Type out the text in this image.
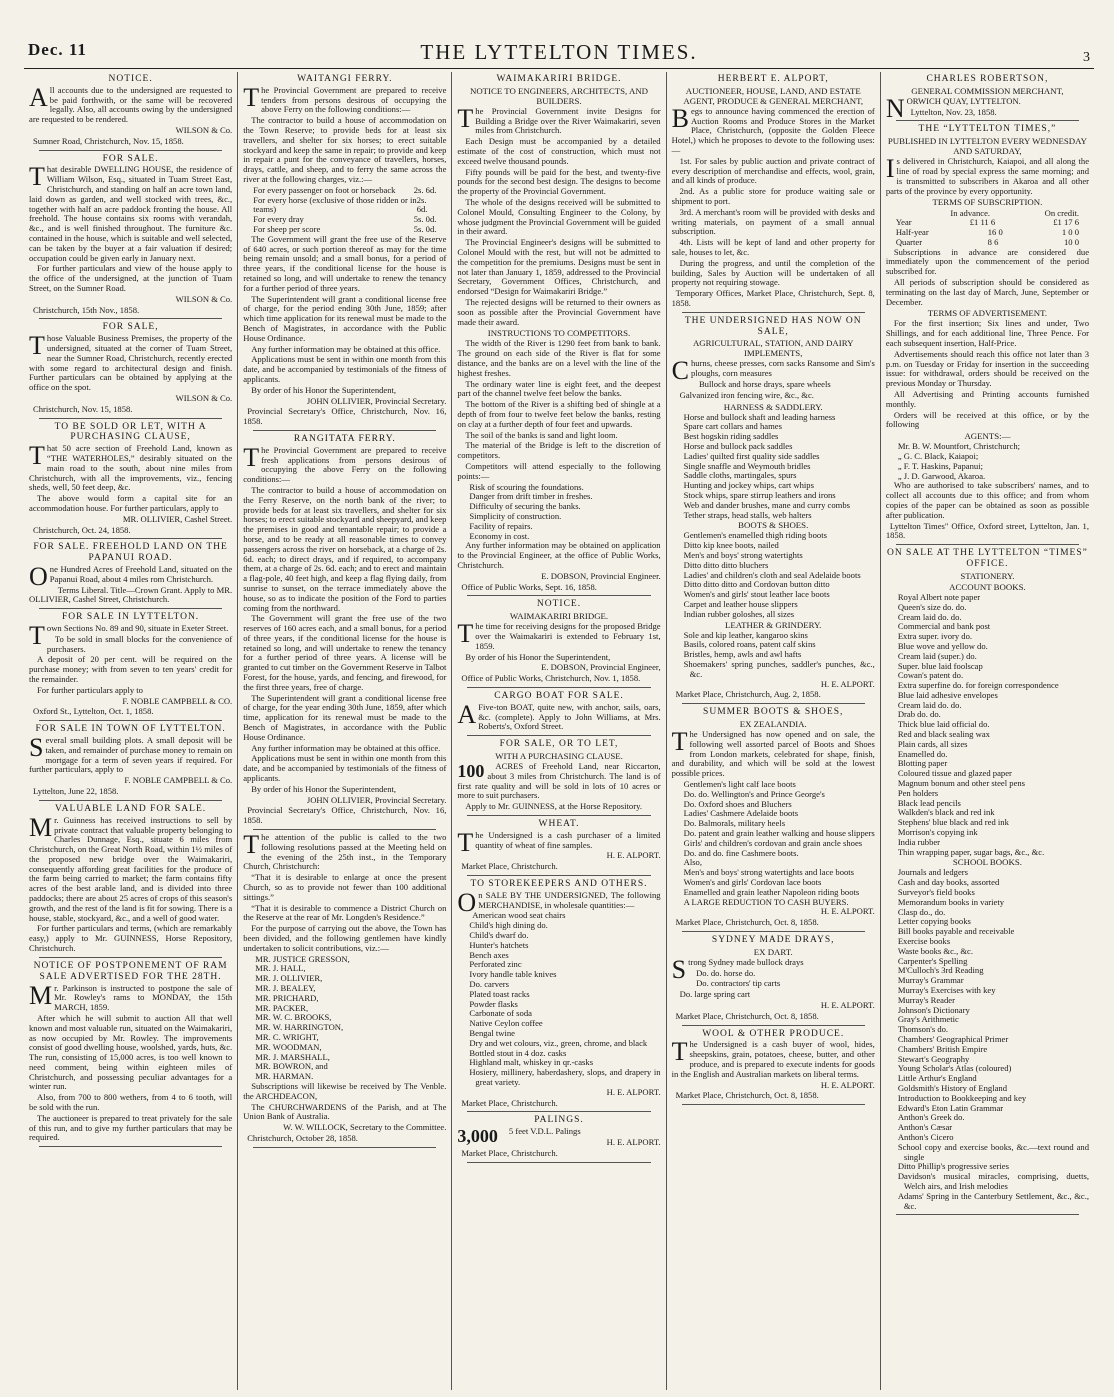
Dec. 11	THE LYTTELTON TIMES.	3
NOTICE.

All accounts due to the undersigned are requested to be paid forthwith, or the same will be recovered legally. Also, all accounts owing by the undersigned are requested to be rendered.

WILSON & Co.

Sumner Road, Christchurch, Nov. 15, 1858.

FOR SALE.

That desirable DWELLING HOUSE, the residence of William Wilson, Esq., situated in Tuam Street East, Christchurch, and standing on half an acre town land, laid down as garden, and well stocked with trees, &c., together with half an acre paddock fronting the house. All freehold. The house contains six rooms with verandah, &c., and is well finished throughout. The furniture &c. contained in the house, which is suitable and well selected, can be taken by the buyer at a fair valuation if desired; occupation could be given early in January next.

For further particulars and view of the house apply to the office of the undersigned, at the junction of Tuam Street, on the Sumner Road.

WILSON & Co.

Christchurch, 15th Nov., 1858.

FOR SALE,

Those Valuable Business Premises, the property of the undersigned, situated at the corner of Tuam Street, near the Sumner Road, Christchurch, recently erected with some regard to architectural design and finish. Further particulars can be obtained by applying at the office on the spot.

WILSON & Co.

Christchurch, Nov. 15, 1858.

TO BE SOLD OR LET, WITH A PURCHASING CLAUSE,

That 50 acre section of Freehold Land, known as “THE WATERHOLES,” desirably situated on the main road to the south, about nine miles from Christchurch, with all the improvements, viz., fencing sheds, well, 50 feet deep, &c.

The above would form a capital site for an accommodation house. For further particulars, apply to

MR. OLLIVIER, Cashel Street.

Christchurch, Oct. 24, 1858.

FOR SALE. FREEHOLD LAND ON THE PAPANUI ROAD.

One Hundred Acres of Freehold Land, situated on the Papanui Road, about 4 miles rom Christchurch.

Terms Liberal. Title—Crown Grant. Apply to MR. OLLIVIER, Cashel Street, Christchurch.

FOR SALE IN LYTTELTON.

Town Sections No. 89 and 90, situate in Exeter Street.

To be sold in small blocks for the convenience of purchasers.

A deposit of 20 per cent. will be required on the purchase money; with from seven to ten years' credit for the remainder.

For further particulars apply to

F. NOBLE CAMPBELL & CO.

Oxford St., Lyttelton, Oct. 1, 1858.

FOR SALE IN TOWN OF LYTTELTON.

Several small building plots. A small deposit will be taken, and remainder of purchase money to remain on mortgage for a term of seven years if required. For further particulars, apply to

F. NOBLE CAMPBELL & Co.

Lyttelton, June 22, 1858.

VALUABLE LAND FOR SALE.

Mr. Guinness has received instructions to sell by private contract that valuable property belonging to Charles Dunnage, Esq., situate 6 miles from Christchurch, on the Great North Road, within 1½ miles of the proposed new bridge over the Waimakariri, consequently affording great facilities for the produce of the farm being carried to market; the farm contains fifty acres of the best arable land, and is divided into three paddocks; there are about 25 acres of crops of this season's growth, and the rest of the land is fit for sowing. There is a house, stable, stockyard, &c., and a well of good water.

For further particulars and terms, (which are remarkably easy,) apply to Mr. GUINNESS, Horse Repository, Christchurch.

NOTICE OF POSTPONEMENT OF RAM SALE ADVERTISED FOR THE 28TH.

Mr. Parkinson is instructed to postpone the sale of Mr. Rowley's rams to MONDAY, the 15th MARCH, 1859.

After which he will submit to auction All that well known and most valuable run, situated on the Waimakariri, as now occupied by Mr. Rowley. The improvements consist of good dwelling house, woolshed, yards, huts, &c. The run, consisting of 15,000 acres, is too well known to need comment, being within eighteen miles of Christchurch, and possessing peculiar advantages for a winter run.

Also, from 700 to 800 wethers, from 4 to 6 tooth, will be sold with the run.

The auctioneer is prepared to treat privately for the sale of this run, and to give my further particulars that may be required.

WAITANGI FERRY.

The Provincial Government are prepared to receive tenders from persons desirous of occupying the above Ferry on the following conditions:—

The contractor to build a house of accommodation on the Town Reserve; to provide beds for at least six travellers, and shelter for six horses; to erect suitable stockyard and keep the same in repair; to provide and keep in repair a punt for the conveyance of travellers, horses, drays, cattle, and sheep, and to ferry the same across the river at the following charges, viz.:—

For every passenger on foot or horseback 2s. 6d.
For every horse (exclusive of those ridden or in teams)
2s. 6d.
For every dray	5s. 0d.
For sheep per score	5s. 0d.

The Government will grant the free use of the Reserve of 640 acres, or such portion thereof as may for the time being remain unsold; and a small bonus, for a period of three years, if the conditional license for the house is retained so long, and will undertake to renew the tenancy for a further period of three years.

The Superintendent will grant a conditional license free of charge, for the period ending 30th June, 1859; after which time application for its renewal must be made to the Bench of Magistrates, in accordance with the Public House Ordinance.

Any further information may be obtained at this office.

Applications must be sent in within one month from this date, and be accompanied by testimonials of the fitness of applicants.

By order of his Honor the Superintendent,

JOHN OLLIVIER, Provincial Secretary.

Provincial Secretary's Office, Christchurch, Nov. 16, 1858.

RANGITATA FERRY.

The Provincial Government are prepared to receive fresh applications from persons desirous of occupying the above Ferry on the following conditions:—

The contractor to build a house of accommodation on the Ferry Reserve, on the north bank of the river; to provide beds for at least six travellers, and shelter for six horses; to erect suitable stockyard and sheepyard, and keep the premises in good and tenantable repair; to provide a horse, and to be ready at all reasonable times to convey passengers across the river on horseback, at a charge of 2s. 6d. each; to direct drays, and if required, to accompany them, at a charge of 2s. 6d. each; and to erect and maintain a flag-pole, 40 feet high, and keep a flag flying daily, from sunrise to sunset, on the terrace immediately above the house, so as to indicate the position of the Ford to parties coming from the northward.

The Government will grant the free use of the two reserves of 160 acres each, and a small bonus, for a period of three years, if the conditional license for the house is retained so long, and will undertake to renew the tenancy for a further period of three years. A license will be granted to cut timber on the Government Reserve in Talbot Forest, for the house, yards, and fencing, and firewood, for the first three years, free of charge.

The Superintendent will grant a conditional license free of charge, for the year ending 30th June, 1859, after which time, application for its renewal must be made to the Bench of Magistrates, in accordance with the Public House Ordinance.

Any further information may be obtained at this office.

Applications must be sent in within one month from this date, and be accompanied by testimonials of the fitness of applicants.

By order of his Honor the Superintendent,

JOHN OLLIVIER, Provincial Secretary.

Provincial Secretary's Office, Christchurch, Nov. 16, 1858.

The attention of the public is called to the two following resolutions passed at the Meeting held on the evening of the 25th inst., in the Temporary Church, Christchurch:

“That it is desirable to enlarge at once the present Church, so as to provide not fewer than 100 additional sittings.”

“That it is desirable to commence a District Church on the Reserve at the rear of Mr. Longden's Residence.”

For the purpose of carrying out the above, the Town has been divided, and the following gentlemen have kindly undertaken to solicit contributions, viz.:—

MR. JUSTICE GRESSON,
MR. J. HALL,
MR. J. OLLIVIER,
MR. J. BEALEY,
MR. PRICHARD,
MR. PACKER,
MR. W. C. BROOKS,
MR. W. HARRINGTON,
MR. C. WRIGHT,
MR. WOODMAN,
MR. J. MARSHALL,
MR. BOWRON, and
MR. HARMAN.

Subscriptions will likewise be received by The Venble. the ARCHDEACON,

The CHURCHWARDENS of the Parish, and at The Union Bank of Australia.

W. W. WILLOCK, Secretary to the Committee.

Christchurch, October 28, 1858.

WAIMAKARIRI BRIDGE.
NOTICE TO ENGINEERS, ARCHITECTS, AND BUILDERS.

The Provincial Government invite Designs for Building a Bridge over the River Waimakariri, seven miles from Christchurch.

Each Design must be accompanied by a detailed estimate of the cost of construction, which must not exceed twelve thousand pounds.

Fifty pounds will be paid for the best, and twenty-five pounds for the second best design. The designs to become the property of the Provincial Government.

The whole of the designs received will be submitted to Colonel Mould, Consulting Engineer to the Colony, by whose judgment the Provincial Government will be guided in their award.

The Provincial Engineer's designs will be submitted to Colonel Mould with the rest, but will not be admitted to the competition for the premiums. Designs must be sent in not later than January 1, 1859, addressed to the Provincial Secretary, Government Offices, Christchurch, and endorsed “Design for Waimakariri Bridge.”

The rejected designs will be returned to their owners as soon as possible after the Provincial Government have made their award.

INSTRUCTIONS TO COMPETITORS.

The width of the River is 1290 feet from bank to bank. The ground on each side of the River is flat for some distance, and the banks are on a level with the line of the highest freshes.

The ordinary water line is eight feet, and the deepest part of the channel twelve feet below the banks.

The bottom of the River is a shifting bed of shingle at a depth of from four to twelve feet below the banks, resting on clay at a further depth of four feet and upwards.

The soil of the banks is sand and light loom.

The material of the Bridge is left to the discretion of competitors.

Competitors will attend especially to the following points:—

Risk of scouring the foundations.
Danger from drift timber in freshes.
Difficulty of securing the banks.
Simplicity of construction.
Facility of repairs.
Economy in cost.

Any further information may be obtained on application to the Provincial Engineer, at the office of Public Works, Christchurch.

E. DOBSON, Provincial Engineer.

Office of Public Works, Sept. 16, 1858.

NOTICE.
WAIMAKARIRI BRIDGE.

The time for receiving designs for the proposed Bridge over the Waimakariri is extended to February 1st, 1859.

By order of his Honor the Superintendent,

E. DOBSON, Provincial Engineer,

Office of Public Works, Christchurch, Nov. 1, 1858.

CARGO BOAT FOR SALE.

AFive-ton BOAT, quite new, with anchor, sails, oars, &c. (complete). Apply to John Williams, at Mrs. Roberts's, Oxford Street.

FOR SALE, OR TO LET,
WITH A PURCHASING CLAUSE.
100	ACRES of Freehold Land, near Riccarton, about 3 miles from Christchurch. The land is of first rate quality and will be sold in lots of 10 acres or more to suit purchasers.

Apply to Mr. GUINNESS, at the Horse Repository.

WHEAT.

The Undersigned is a cash purchaser of a limited quantity of wheat of fine samples.

H. E. ALPORT.

Market Place, Christchurch.

TO STOREKEEPERS AND OTHERS.

On SALE BY THE UNDERSIGNED, The following MERCHANDISE, in wholesale quantities:—

American wood seat chairs
Child's high dining do.
Child's dwarf do.
Hunter's hatchets
Bench axes
Perforated zinc
Ivory handle table knives
Do. carvers
Plated toast racks
Powder flasks
Carbonate of soda
Native Ceylon coffee
Bengal twine
Dry and wet colours, viz., green, chrome, and black
Bottled stout in 4 doz. casks
Highland malt, whiskey in qr.-casks
Hosiery, millinery, haberdashery, slops, and drapery in great variety.

H. E. ALPORT.

Market Place, Christchurch.

PALINGS.
3,000	5 feet V.D.L. Palings

H. E. ALPORT.

Market Place, Christchurch.

HERBERT E. ALPORT,
AUCTIONEER, HOUSE, LAND, AND ESTATE AGENT, PRODUCE & GENERAL MERCHANT,

Begs to announce having commenced the erection of Auction Rooms and Produce Stores in the Market Place, Christchurch, (opposite the Golden Fleece Hotel,) which he proposes to devote to the following uses:—

1st. For sales by public auction and private contract of every description of merchandise and effects, wool, grain, and all kinds of produce.

2nd. As a public store for produce waiting sale or shipment to port.

3rd. A merchant's room will be provided with desks and writing materials, on payment of a small annual subscription.

4th. Lists will be kept of land and other property for sale, houses to let, &c.

During the progress, and until the completion of the building, Sales by Auction will be undertaken of all property not requiring stowage.

Temporary Offices, Market Place, Christchurch, Sept. 8, 1858.

THE UNDERSIGNED HAS NOW ON SALE,
AGRICULTURAL, STATION, AND DAIRY IMPLEMENTS,

Churns, cheese presses, corn sacks Ransome and Sim's ploughs, corn measures

Bullock and horse drays, spare wheels

Galvanized iron fencing wire, &c., &c.

HARNESS & SADDLERY.
Horse and bullock shaft and leading harness
Spare cart collars and hames
Best hogskin riding saddles
Horse and bullock pack saddles
Ladies' quilted first quality side saddles
Single snaffle and Weymouth bridles
Saddle cloths, martingales, spurs
Hunting and jockey whips, cart whips
Stock whips, spare stirrup leathers and irons
Web and dander brushes, mane and curry combs
Tether straps, head stalls, web halters
BOOTS & SHOES.
Gentlemen's enamelled thigh riding boots
Ditto kip knee boots, nailed
Men's and boys' strong watertights
Ditto ditto ditto bluchers
Ladies' and children's cloth and seal Adelaide boots
Ditto ditto ditto and Cordovan button ditto
Women's and girls' stout leather lace boots
Carpet and leather house slippers
Indian rubber goloshes, all sizes
LEATHER & GRINDERY.
Sole and kip leather, kangaroo skins
Basils, colored roans, patent calf skins
Bristles, hemp, awls and awl hafts
Shoemakers' spring punches, saddler's punches, &c., &c.

H. E. ALPORT.

Market Place, Christchurch, Aug. 2, 1858.

SUMMER BOOTS & SHOES,
EX ZEALANDIA.

The Undersigned has now opened and on sale, the following well assorted parcel of Boots and Shoes from London markets, celebrated for shape, finish, and durability, and which will be sold at the lowest possible prices.

Gentlemen's light calf lace boots
Do. do. Wellington's and Prince George's
Do. Oxford shoes and Bluchers
Ladies' Cashmere Adelaide boots
Do. Balmorals, military heels
Do. patent and grain leather walking and house slippers
Girls' and children's cordovan and grain ancle shoes
Do. and do. fine Cashmere boots.
Also,
Men's and boys' strong watertights and lace boots
Women's and girls' Cordovan lace boots
Enamelled and grain leather Napoleon riding boots
A LARGE REDUCTION TO CASH BUYERS.

H. E. ALPORT.

Market Place, Christchurch, Oct. 8, 1858.

SYDNEY MADE DRAYS,
EX DART.

Strong Sydney made bullock drays

Do. do. horse do.

Do. contractors' tip carts

Do. large spring cart

H. E. ALPORT.

Market Place, Christchurch, Oct. 8, 1858.

WOOL & OTHER PRODUCE.

The Undersigned is a cash buyer of wool, hides, sheepskins, grain, potatoes, cheese, butter, and other produce, and is prepared to execute indents for goods in the English and Australian markets on liberal terms.

H. E. ALPORT.

Market Place, Christchurch, Oct. 8, 1858.

CHARLES ROBERTSON,
GENERAL COMMISSION MERCHANT,

NORWICH QUAY, LYTTELTON.

Lyttelton, Nov. 23, 1858.

THE “LYTTELTON TIMES,”
PUBLISHED IN LYTTELTON EVERY WEDNESDAY AND SATURDAY,

Is delivered in Christchurch, Kaiapoi, and all along the line of road by special express the same morning; and is transmitted to subscribers in Akaroa and all other parts of the province by every opportunity.

TERMS OF SUBSCRIPTION.
In advance.	On credit.
Year	£1 11 6	£1 17 6
Half-year	16 0	1 0 0
Quarter	8 6	10 0

Subscriptions in advance are considered due immediately upon the commencement of the period subscribed for.

All periods of subscription should be considered as terminating on the last day of March, June, September or December.

TERMS OF ADVERTISEMENT.

For the first insertion; Six lines and under, Two Shillings, and for each additional line, Three Pence. For each subsequent insertion, Half-Price.

Advertisements should reach this office not later than 3 p.m. on Tuesday or Friday for insertion in the succeeding issue: for withdrawal, orders should be received on the previous Monday or Thursday.

All Advertising and Printing accounts furnished monthly.

Orders will be received at this office, or by the following

AGENTS:—
Mr. B. W. Mountfort, Christchurch;
„ G. C. Black, Kaiapoi;
„ F. T. Haskins, Papanui;
„ J. D. Garwood, Akaroa.

Who are authorised to take subscribers' names, and to collect all accounts due to this office; and from whom copies of the paper can be obtained as soon as possible after publication.

Lyttelton Times" Office, Oxford street, Lyttelton, Jan. 1, 1858.

ON SALE AT THE LYTTELTON “TIMES” OFFICE.
STATIONERY.
ACCOUNT BOOKS.
Royal Albert note paper
Queen's size do. do.
Cream laid do. do.
Commercial and bank post
Extra super. ivory do.
Blue wove and yellow do.
Cream laid (super.) do.
Super. blue laid foolscap
Cowan's patent do.
Extra superfine do. for foreign correspondence
Blue laid adhesive envelopes
Cream laid do. do.
Drab do. do.
Thick blue laid official do.
Red and black sealing wax
Plain cards, all sizes
Enamelled do.
Blotting paper
Coloured tissue and glazed paper
Magnum bonum and other steel pens
Pen holders
Black lead pencils
Walkden's black and red ink
Stephens' blue black and red ink
Morrison's copying ink
India rubber
Thin wrapping paper, sugar bags, &c., &c.
SCHOOL BOOKS.
Journals and ledgers
Cash and day books, assorted
Surveyor's field books
Memorandum books in variety
Clasp do., do.
Letter copying books
Bill books payable and receivable
Exercise books
Waste books &c., &c.
Carpenter's Spelling
M'Culloch's 3rd Reading
Murray's Grammar
Murray's Exercises with key
Murray's Reader
Johnson's Dictionary
Gray's Arithmetic
Thomson's do.
Chambers' Geographical Primer
Chambers' British Empire
Stewart's Geography
Young Scholar's Atlas (coloured)
Little Arthur's England
Goldsmith's History of England
Introduction to Bookkeeping and key
Edward's Eton Latin Grammar
Anthon's Greek do.
Anthon's Cæsar
Anthon's Cicero
School copy and exercise books, &c.—text round and single
Ditto Phillip's progressive series
Davidson's musical miracles, comprising, duetts, Welch airs, and Irish melodies
Adams' Spring in the Canterbury Settlement, &c., &c., &c.
